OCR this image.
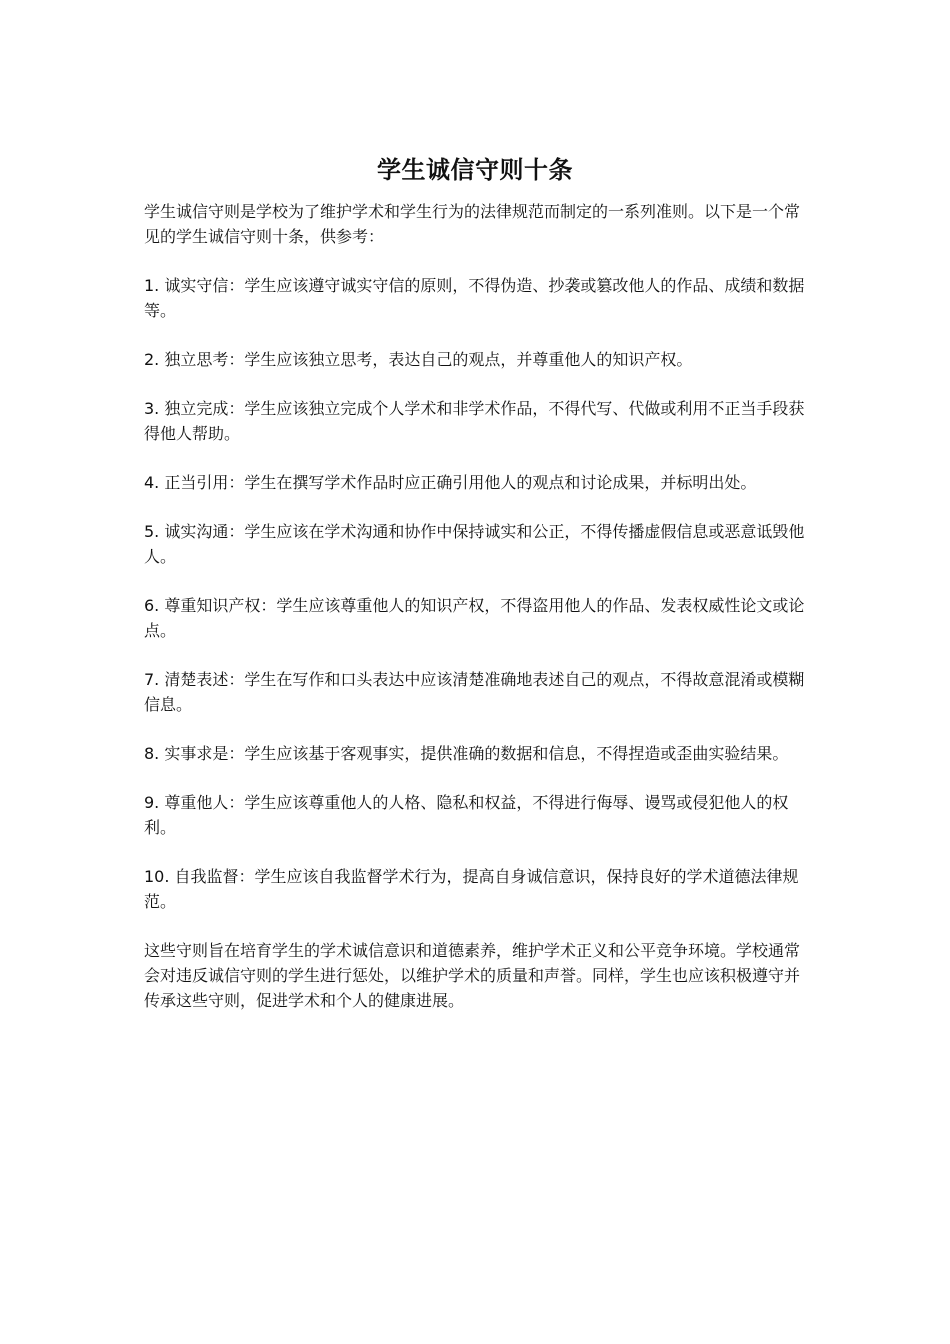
学生诚信守则十条

学生诚信守则是学校为了维护学术和学生行为的法律规范而制定的一系列准则。以下是一个常见的学生诚信守则十条，供参考：

1. 诚实守信：学生应该遵守诚实守信的原则，不得伪造、抄袭或篡改他人的作品、成绩和数据等。

2. 独立思考：学生应该独立思考，表达自己的观点，并尊重他人的知识产权。

3. 独立完成：学生应该独立完成个人学术和非学术作品，不得代写、代做或利用不正当手段获得他人帮助。

4. 正当引用：学生在撰写学术作品时应正确引用他人的观点和讨论成果，并标明出处。

5. 诚实沟通：学生应该在学术沟通和协作中保持诚实和公正，不得传播虚假信息或恶意诋毁他人。

6. 尊重知识产权：学生应该尊重他人的知识产权，不得盗用他人的作品、发表权威性论文或论点。

7. 清楚表述：学生在写作和口头表达中应该清楚准确地表述自己的观点，不得故意混淆或模糊信息。

8. 实事求是：学生应该基于客观事实，提供准确的数据和信息，不得捏造或歪曲实验结果。

9. 尊重他人：学生应该尊重他人的人格、隐私和权益，不得进行侮辱、谩骂或侵犯他人的权利。

10. 自我监督：学生应该自我监督学术行为，提高自身诚信意识，保持良好的学术道德法律规范。

这些守则旨在培育学生的学术诚信意识和道德素养，维护学术正义和公平竞争环境。学校通常会对违反诚信守则的学生进行惩处，以维护学术的质量和声誉。同样，学生也应该积极遵守并传承这些守则，促进学术和个人的健康进展。
